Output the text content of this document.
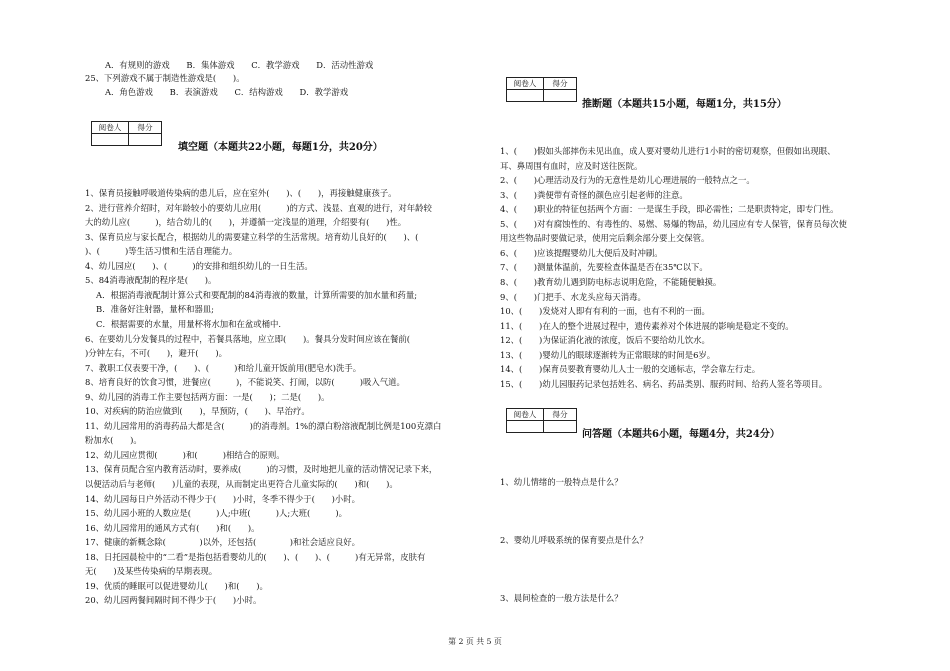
A．有规则的游戏　　B．集体游戏　　C．教学游戏　　D．活动性游戏
25、下列游戏不属于制造性游戏是(　　)。
A．角色游戏　　B．表演游戏　　C．结构游戏　　D．教学游戏
阅卷人	得分

填空题（本题共22小题，每题1分，共20分）
1、保育员接触呼吸道传染病的患儿后，应在室外(　　)、(　　)，再接触健康孩子。
2、进行营养介绍时，对年龄较小的要幼儿应用(　　　)的方式、浅显、直观的进行，对年龄较
大的幼儿应(　　　)，结合幼儿的(　　)，并遵循一定浅显的道理，介绍要有(　　)性。
3、保育员应与家长配合，根据幼儿的需要建立科学的生活常规。培育幼儿良好的(　　)、(　　
)、(　　　)等生活习惯和生活自理能力。
4、幼儿园应(　　)、(　　　)的安排和组织幼儿的一日生活。
5、84消毒液配制的程序是(　　)。
　 A．根据消毒液配制计算公式和要配制的84消毒液的数量，计算所需要的加水量和药量;
　 B．准备好注射器，量杯和器皿;
　 C．根据需要的水量，用量杯将水加和在盆或桶中.
6、在要幼儿分发餐具的过程中，若餐具落地，应立即(　　)。餐具分发时间应该在餐前(　　
)分钟左右，不可(　　)，避开(　　)。
7、教职工仅表要干净，(　　)、(　　　)和给儿童开饭前用(肥皂水)洗手。
8、培育良好的饮食习惯，进餐应(　　　)，不能说笑、打闹，以防(　　　)吸入气道。
9、幼儿园的消毒工作主要包括两方面：一是(　　)；二是(　　)。
10、对疾病的防治应做到(　　)，早预防，(　　)、早治疗。
11、幼儿园常用的消毒药品大都是含(　　　)的消毒剂。1%的漂白粉溶液配制比例是100克漂白
粉加水(　　)。
12、幼儿园应贯彻(　　　)和(　　　)相结合的原则。
13、保育员配合室内教育活动时，要养成(　　　)的习惯，及时地把儿童的活动情况记录下来，
以便活动后与老师(　　)儿童的表现，从而制定出更符合儿童实际的(　　)和(　　)。
14、幼儿园每日户外活动不得少于(　　)小时，冬季不得少于(　　)小时。
15、幼儿园小班的人数应是(　　　)人;中班(　　　)人;大班(　　　)。
16、幼儿园常用的通风方式有(　　)和(　　)。
17、健康的新概念除(　　　　)以外，还包括(　　　　)和社会适应良好。
18、日托园晨检中的“二看”是指包括看婴幼儿的(　　)、(　　)、(　　　)有无异常，皮肤有
无(　　)及某些传染病的早期表现。
19、优质的睡眠可以促进婴幼儿(　　)和(　　)。
20、幼儿园两餐间隔时间不得少于(　　)小时。
阅卷人	得分

推断题（本题共15小题，每题1分，共15分）
1、(　　)假如头部摔伤未见出血，成人要对婴幼儿进行1小时的密切观察，但假如出现眼、
耳、鼻周围有血时，应及时送往医院。
2、(　　)心理活动及行为的无意性是幼儿心理进展的一般特点之一。
3、(　　)粪便带有奇怪的颜色应引起老师的注意。
4、(　　)职业的特征包括两个方面：一是谋生手段，即必需性；二是职责特定，即专门性。
5、(　　)对有腐蚀性的、有毒性的、易燃、易爆的物品，幼儿园应有专人保管，保育员每次使
用这些物品时要做记录，使用完后剩余部分要上交保管。
6、(　　)应该提醒婴幼儿大便后及时冲刷。
7、(　　)测量体温前，先要检查体温是否在35℃以下。
8、(　　)教育幼儿遇到防电标志说明危险，不能随便触摸。
9、(　　)门把手、水龙头应每天消毒。
10、(　　)发烧对人即有有利的一面，也有不利的一面。
11、(　　)在人的整个进展过程中，遗传素养对个体进展的影响是稳定不变的。
12、(　　)为保证消化液的浓度，饭后不要给幼儿饮水。
13、(　　)婴幼儿的眼球逐渐转为正常眼球的时间是6岁。
14、(　　)保育员要教育婴幼儿人士一般的交通标志，学会靠左行走。
15、(　　)幼儿园服药记录包括姓名、病名、药品类别、服药时间、给药人签名等项目。
阅卷人	得分

问答题（本题共6小题，每题4分，共24分）
1、幼儿情绪的一般特点是什么？
2、婴幼儿呼吸系统的保育要点是什么？
3、晨间检查的一般方法是什么？
第 2 页 共 5 页
